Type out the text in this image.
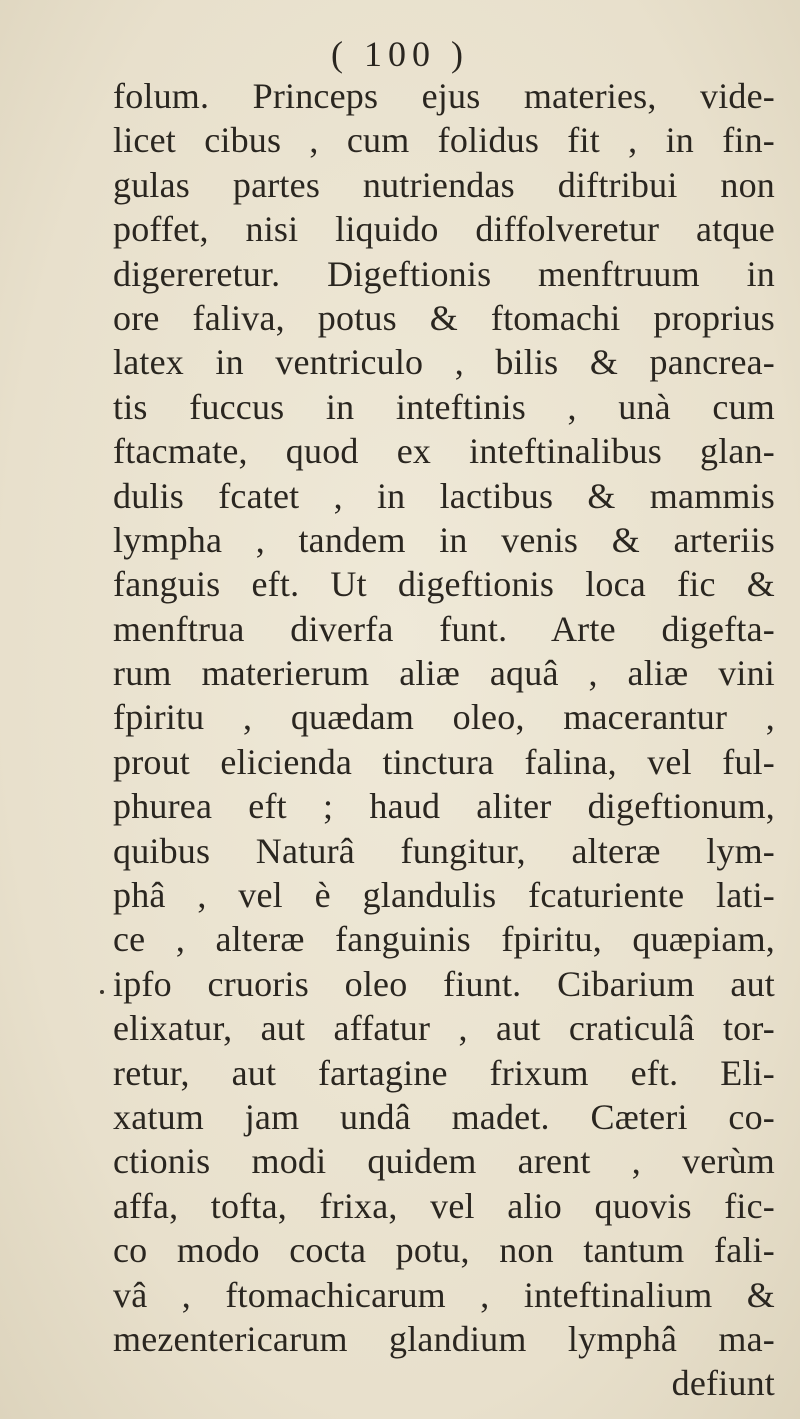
( 100 )
folum. Princeps ejus materies, vide-
licet cibus , cum folidus fit , in fin-
gulas partes nutriendas diftribui non
poffet, nisi liquido diffolveretur atque
digereretur. Digeftionis menftruum in
ore faliva, potus & ftomachi proprius
latex in ventriculo , bilis & pancrea-
tis fuccus in inteftinis , unà cum
ftacmate, quod ex inteftinalibus glan-
dulis fcatet , in lactibus & mammis
lympha , tandem in venis & arteriis
fanguis eft. Ut digeftionis loca fic &
menftrua diverfa funt. Arte digefta-
rum materierum aliæ aquâ , aliæ vini
fpiritu , quædam oleo, macerantur ,
prout elicienda tinctura falina, vel ful-
phurea eft ; haud aliter digeftionum,
quibus Naturâ fungitur, alteræ lym-
phâ , vel è glandulis fcaturiente lati-
ce , alteræ fanguinis fpiritu, quæpiam,
ipfo cruoris oleo fiunt. Cibarium aut
elixatur, aut affatur , aut craticulâ tor-
retur, aut fartagine frixum eft. Eli-
xatum jam undâ madet. Cæteri co-
ctionis modi quidem arent , verùm
affa, tofta, frixa, vel alio quovis fic-
co modo cocta potu, non tantum fali-
vâ , ftomachicarum , inteftinalium &
mezentericarum glandium lymphâ ma-
defiunt
